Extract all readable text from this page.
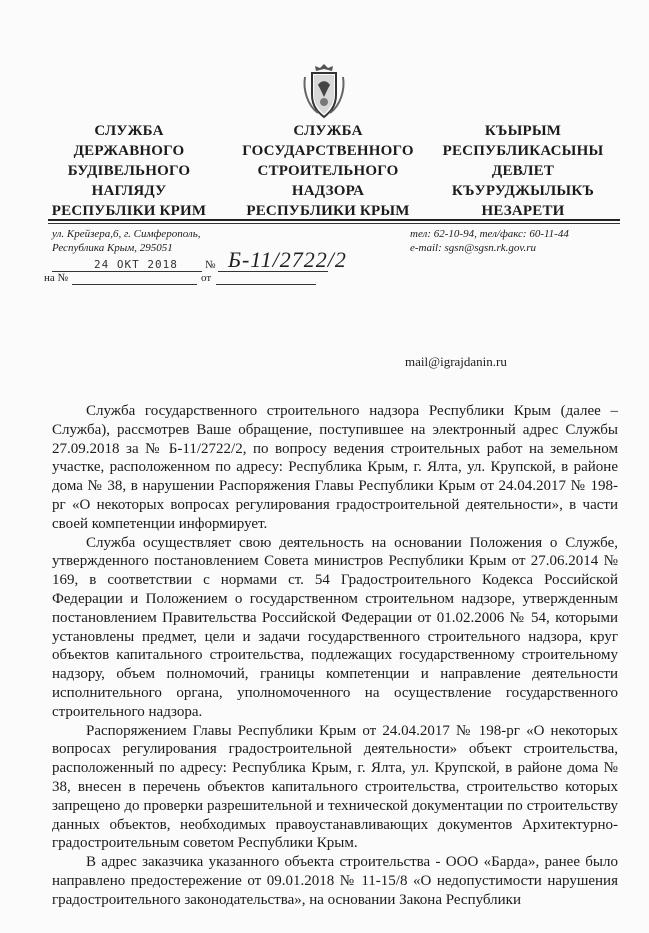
СЛУЖБА
ДЕРЖАВНОГО
БУДІВЕЛЬНОГО
НАГЛЯДУ
РЕСПУБЛІКИ КРИМ
СЛУЖБА
ГОСУДАРСТВЕННОГО
СТРОИТЕЛЬНОГО
НАДЗОРА
РЕСПУБЛИКИ КРЫМ
КЪЫРЫМ
РЕСПУБЛИКАСЫНЫ
ДЕВЛЕТ
КЪУРУДЖЫЛЫКЪ
НЕЗАРЕТИ
ул. Крейзера,6, г. Симферополь,
Республика Крым, 295051
тел: 62-10-94, тел/факс: 60-11-44
e-mail: sgsn@sgsn.rk.gov.ru
24 ОКТ 2018 № Б-11/2722/2
на №	от
mail@igrajdanin.ru

Служба государственного строительного надзора Республики Крым (далее – Служба), рассмотрев Ваше обращение, поступившее на электронный адрес Службы 27.09.2018 за № Б-11/2722/2, по вопросу ведения строительных работ на земельном участке, расположенном по адресу: Республика Крым, г. Ялта, ул. Крупской, в районе дома № 38, в нарушении Распоряжения Главы Республики Крым от 24.04.2017 № 198-рг «О некоторых вопросах регулирования градостроительной деятельности», в части своей компетенции информирует.

Служба осуществляет свою деятельность на основании Положения о Службе, утвержденного постановлением Совета министров Республики Крым от 27.06.2014 № 169, в соответствии с нормами ст. 54 Градостроительного Кодекса Российской Федерации и Положением о государственном строительном надзоре, утвержденным постановлением Правительства Российской Федерации от 01.02.2006 № 54, которыми установлены предмет, цели и задачи государственного строительного надзора, круг объектов капитального строительства, подлежащих государственному строительному надзору, объем полномочий, границы компетенции и направление деятельности исполнительного органа, уполномоченного на осуществление государственного строительного надзора.

Распоряжением Главы Республики Крым от 24.04.2017 № 198-рг «О некоторых вопросах регулирования градостроительной деятельности» объект строительства, расположенный по адресу: Республика Крым, г. Ялта, ул. Крупской, в районе дома № 38, внесен в перечень объектов капитального строительства, строительство которых запрещено до проверки разрешительной и технической документации по строительству данных объектов, необходимых правоустанавливающих документов Архитектурно-градостроительным советом Республики Крым.

В адрес заказчика указанного объекта строительства - ООО «Барда», ранее было направлено предостережение от 09.01.2018 № 11-15/8 «О недопустимости нарушения градостроительного законодательства», на основании Закона Республики
